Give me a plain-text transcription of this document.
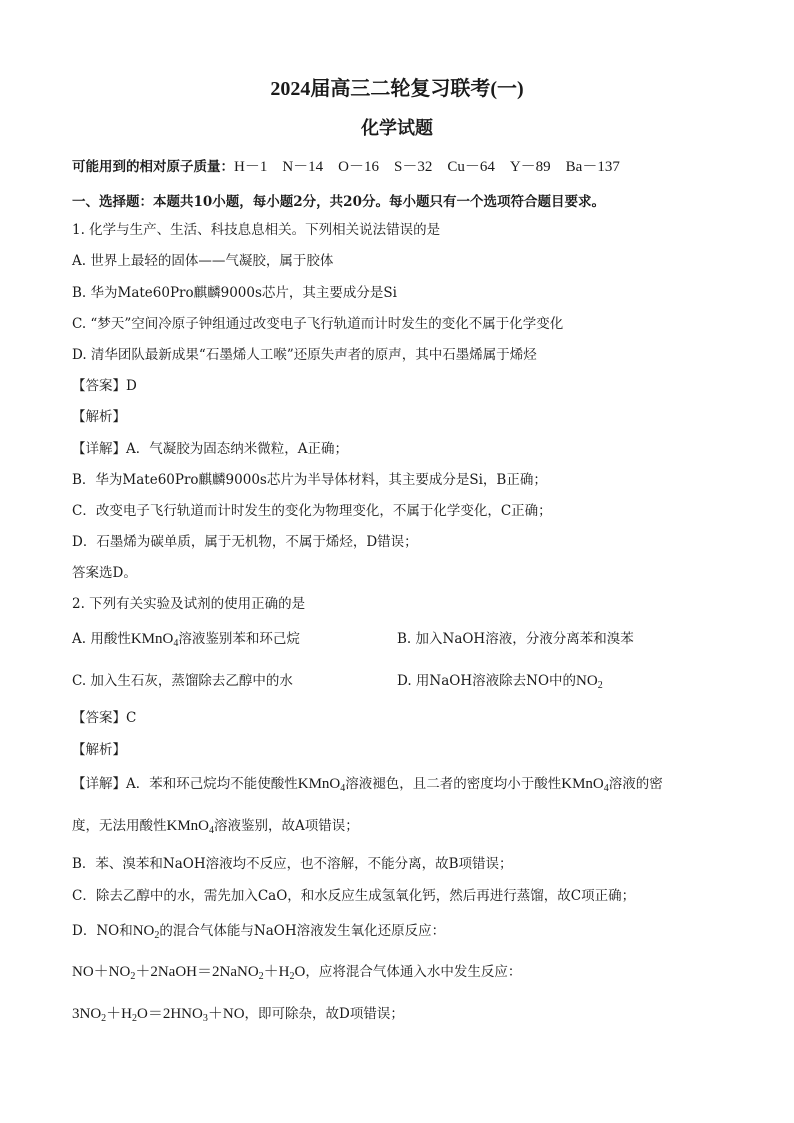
2024届高三二轮复习联考(一)
化学试题
可能用到的相对原子质量：H－1　N－14　O－16　S－32　Cu－64　Y－89　Ba－137
一、选择题：本题共10小题，每小题2分，共20分。每小题只有一个选项符合题目要求。
1. 化学与生产、生活、科技息息相关。下列相关说法错误的是
A. 世界上最轻的固体——气凝胶，属于胶体
B. 华为Mate60Pro麒麟9000s芯片，其主要成分是Si
C. “梦天”空间冷原子钟组通过改变电子飞行轨道而计时发生的变化不属于化学变化
D. 清华团队最新成果“石墨烯人工喉”还原失声者的原声，其中石墨烯属于烯烃
【答案】D
【解析】
【详解】A．气凝胶为固态纳米微粒，A正确；
B．华为Mate60Pro麒麟9000s芯片为半导体材料，其主要成分是Si，B正确；
C．改变电子飞行轨道而计时发生的变化为物理变化，不属于化学变化，C正确；
D．石墨烯为碳单质，属于无机物，不属于烯烃，D错误；
答案选D。
2. 下列有关实验及试剂的使用正确的是
A. 用酸性KMnO$_4$溶液鉴别苯和环己烷	B. 加入NaOH溶液，分液分离苯和溴苯
C. 加入生石灰，蒸馏除去乙醇中的水	D. 用NaOH溶液除去NO中的$NO_2$
【答案】C
【解析】
【详解】A．苯和环己烷均不能使酸性KMnO$_4$溶液褪色，且二者的密度均小于酸性KMnO$_4$溶液的密
度，无法用酸性KMnO$_4$溶液鉴别，故A项错误；
B．苯、溴苯和NaOH溶液均不反应，也不溶解，不能分离，故B项错误；
C．除去乙醇中的水，需先加入CaO，和水反应生成氢氧化钙，然后再进行蒸馏，故C项正确；
D．NO和$NO_2$的混合气体能与NaOH溶液发生氧化还原反应：
$NO+NO_2+2NaOH=2NaNO_2+H_2O$，应将混合气体通入水中发生反应：
$3NO_2+H_2O=2HNO_3+NO$，即可除杂，故D项错误；
